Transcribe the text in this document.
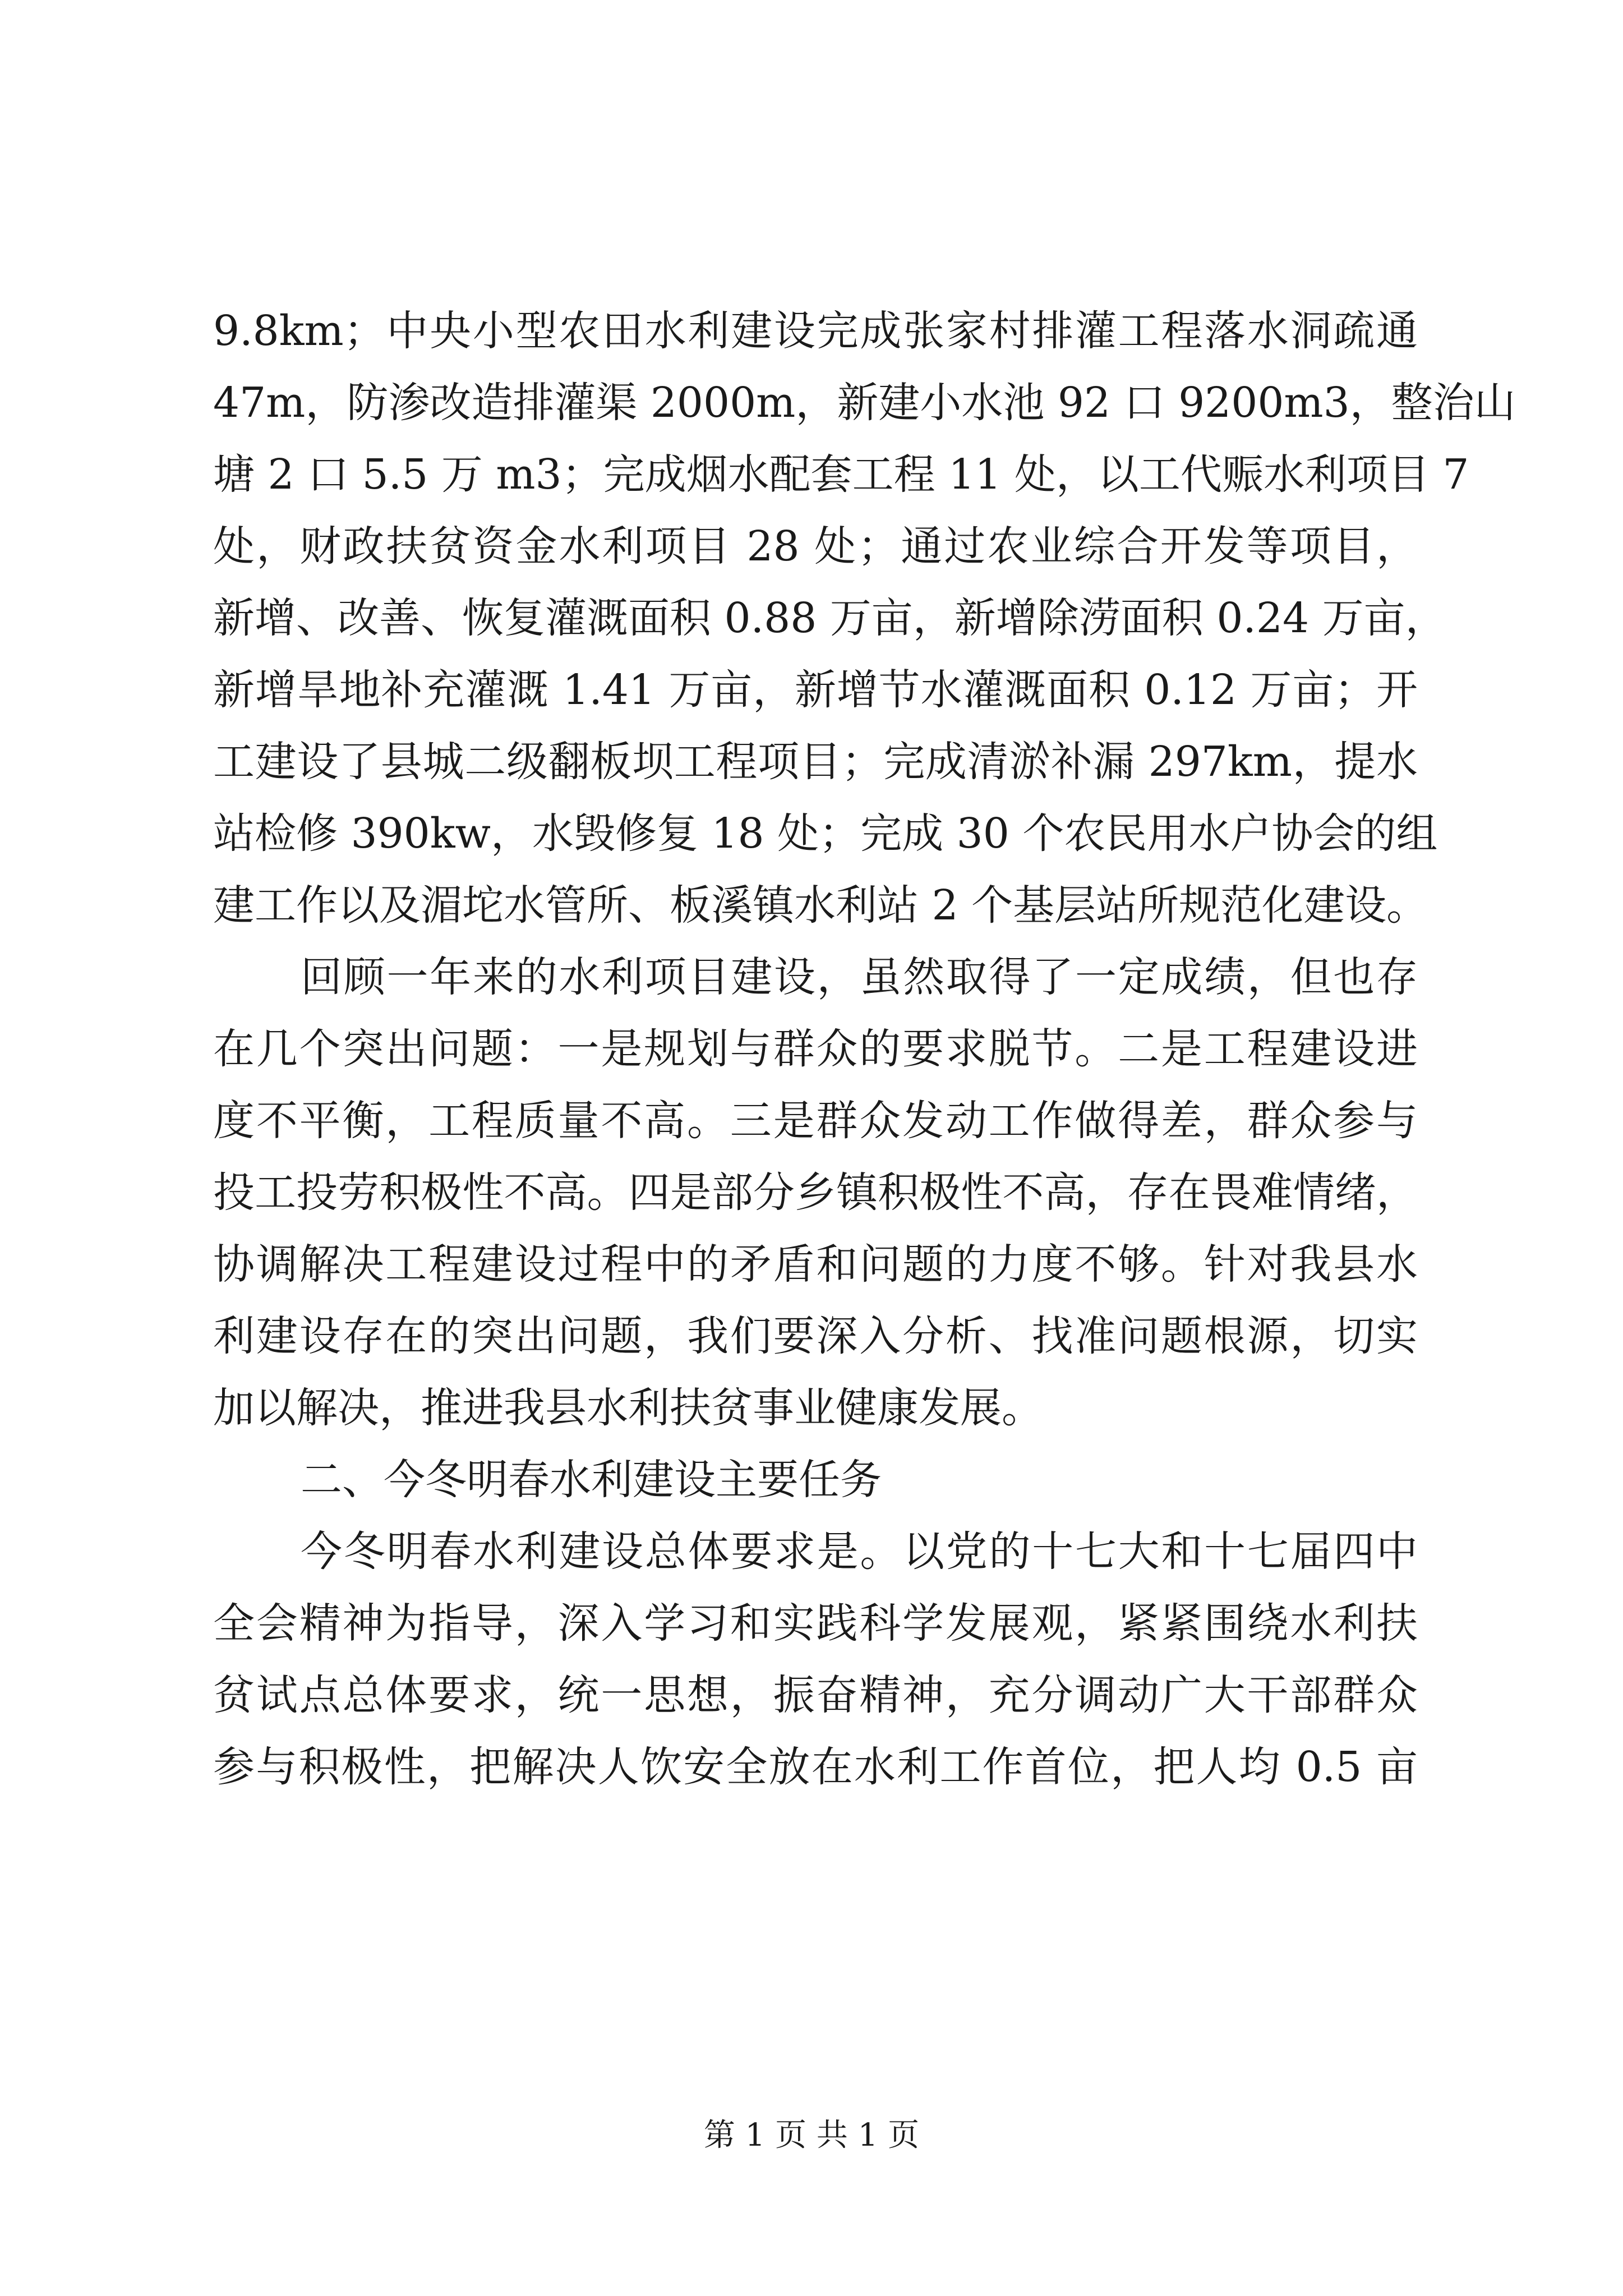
9.8km；中央小型农田水利建设完成张家村排灌工程落水洞疏通
47m，防渗改造排灌渠 2000m，新建小水池 92 口 9200m3，整治山
塘 2 口 5.5 万 m3；完成烟水配套工程 11 处，以工代赈水利项目 7
处，财政扶贫资金水利项目 28 处；通过农业综合开发等项目，
新增、改善、恢复灌溉面积 0.88 万亩，新增除涝面积 0.24 万亩，
新增旱地补充灌溉 1.41 万亩，新增节水灌溉面积 0.12 万亩；开
工建设了县城二级翻板坝工程项目；完成清淤补漏 297km，提水
站检修 390kw，水毁修复 18 处；完成 30 个农民用水户协会的组
建工作以及湄坨水管所、板溪镇水利站 2 个基层站所规范化建设。
回顾一年来的水利项目建设，虽然取得了一定成绩，但也存
在几个突出问题：一是规划与群众的要求脱节。二是工程建设进
度不平衡，工程质量不高。三是群众发动工作做得差，群众参与
投工投劳积极性不高。四是部分乡镇积极性不高，存在畏难情绪，
协调解决工程建设过程中的矛盾和问题的力度不够。针对我县水
利建设存在的突出问题，我们要深入分析、找准问题根源，切实
加以解决，推进我县水利扶贫事业健康发展。
二、今冬明春水利建设主要任务
今冬明春水利建设总体要求是。以党的十七大和十七届四中
全会精神为指导，深入学习和实践科学发展观，紧紧围绕水利扶
贫试点总体要求，统一思想，振奋精神，充分调动广大干部群众
参与积极性，把解决人饮安全放在水利工作首位，把人均 0.5 亩
第 1 页 共 1 页
